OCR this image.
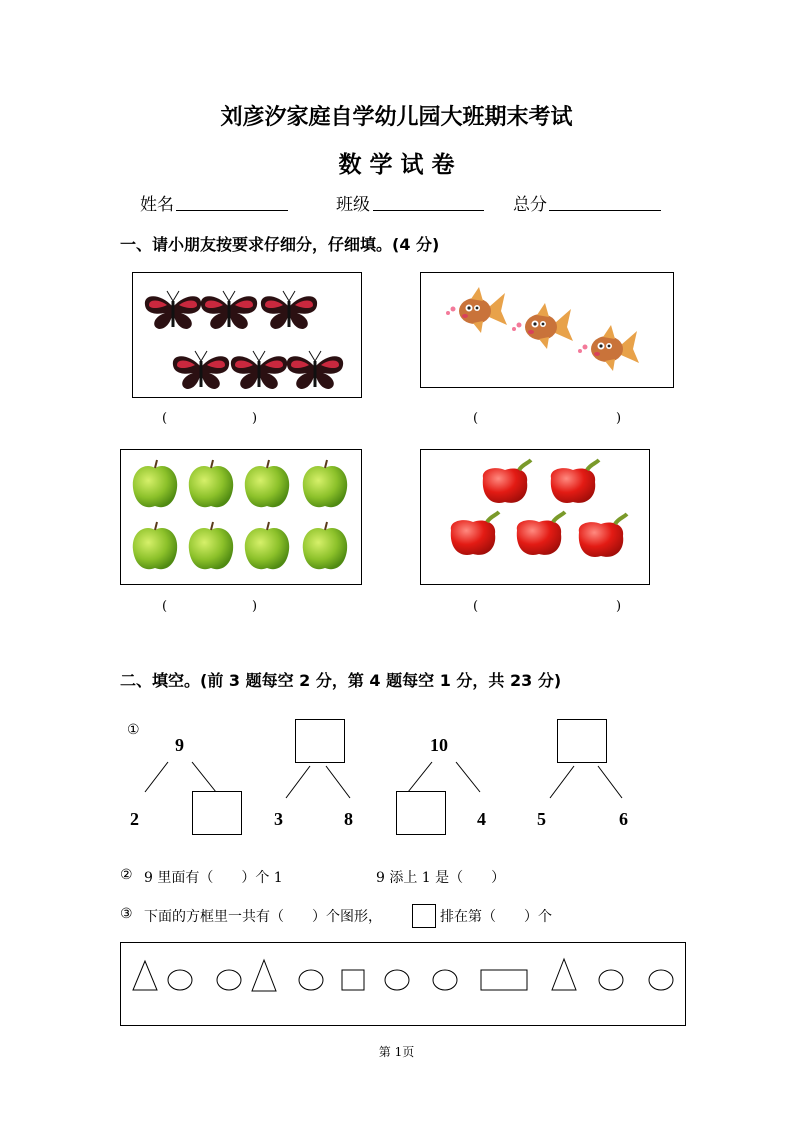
刘彦汐家庭自学幼儿园大班期末考试
数 学 试 卷
姓名	班级	总分
一、请小朋友按要求仔细分，仔细填。(4 分)
(	)	(	)
(	)	(	)
二、填空。(前 3 题每空 2 分，第 4 题每空 1 分，共 23 分)
①
9
2	3	8
10
4	5	6
② 9 里面有（　　）个 1	9 添上 1 是（　　）
③ 下面的方框里一共有（　　）个图形，	排在第（　　）个
第 1页
